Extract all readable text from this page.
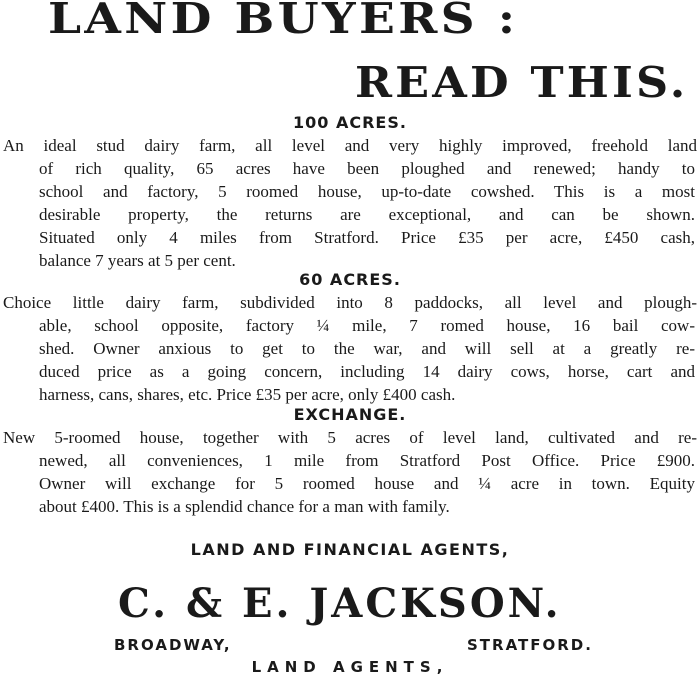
LAND BUYERS :
READ THIS.
100 ACRES.
An ideal stud dairy farm, all level and very highly improved, freehold land
of rich quality, 65 acres have been ploughed and renewed; handy to
school and factory, 5 roomed house, up-to-date cowshed. This is a most
desirable property, the returns are exceptional, and can be shown.
Situated only 4 miles from Stratford. Price £35 per acre, £450 cash,
balance 7 years at 5 per cent.
60 ACRES.
Choice little dairy farm, subdivided into 8 paddocks, all level and plough-
able, school opposite, factory ¼ mile, 7 romed house, 16 bail cow-
shed. Owner anxious to get to the war, and will sell at a greatly re-
duced price as a going concern, including 14 dairy cows, horse, cart and
harness, cans, shares, etc. Price £35 per acre, only £400 cash.
EXCHANGE.
New 5-roomed house, together with 5 acres of level land, cultivated and re-
newed, all conveniences, 1 mile from Stratford Post Office. Price £900.
Owner will exchange for 5 roomed house and ¼ acre in town. Equity
about £400. This is a splendid chance for a man with family.
LAND AND FINANCIAL AGENTS,
C. & E. JACKSON.
BROADWAY,	STRATFORD.
LAND AGENTS,
